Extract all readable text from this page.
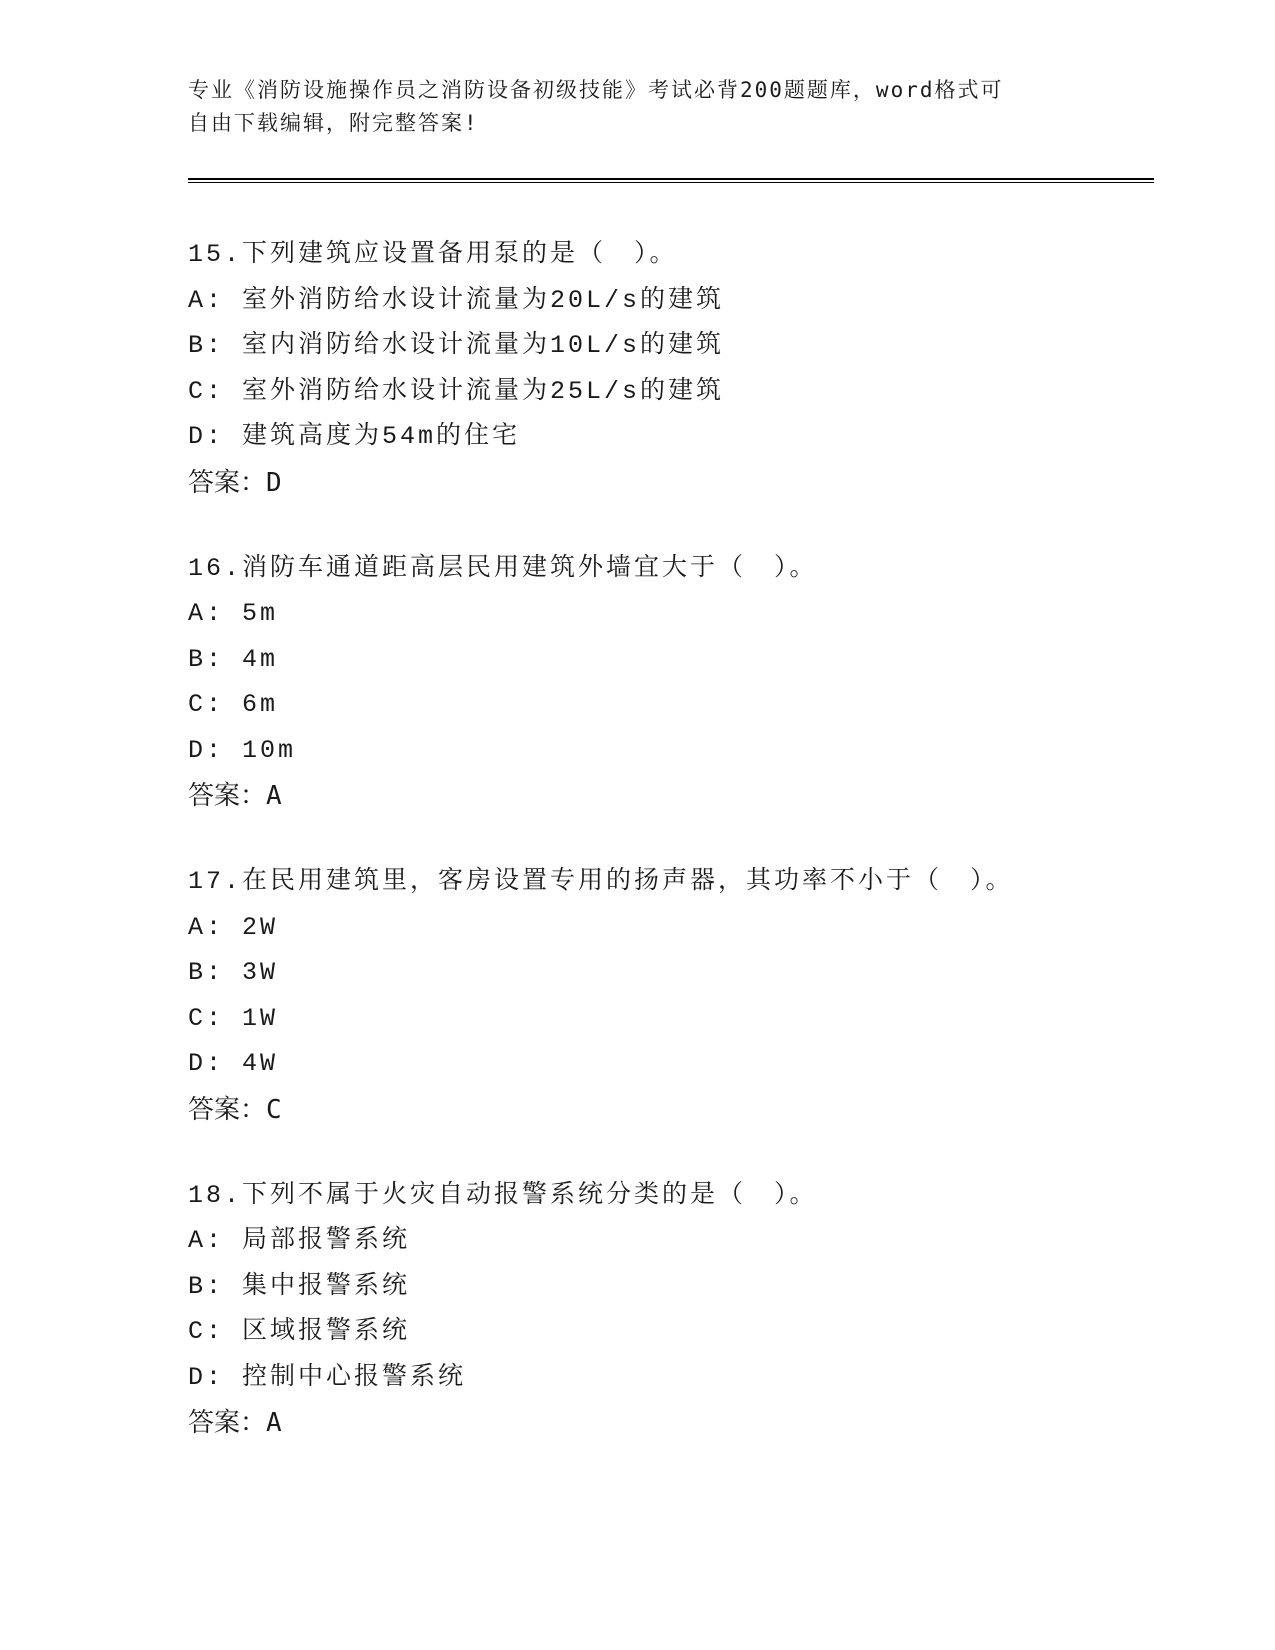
专业《消防设施操作员之消防设备初级技能》考试必背200题题库，word格式可
自由下载编辑，附完整答案!
15.下列建筑应设置备用泵的是（　）。
A: 室外消防给水设计流量为20L/s的建筑
B: 室内消防给水设计流量为10L/s的建筑
C: 室外消防给水设计流量为25L/s的建筑
D: 建筑高度为54m的住宅
答案：D
16.消防车通道距高层民用建筑外墙宜大于（　）。
A: 5m
B: 4m
C: 6m
D: 10m
答案：A
17.在民用建筑里，客房设置专用的扬声器，其功率不小于（　）。
A: 2W
B: 3W
C: 1W
D: 4W
答案：C
18.下列不属于火灾自动报警系统分类的是（　）。
A: 局部报警系统
B: 集中报警系统
C: 区域报警系统
D: 控制中心报警系统
答案：A
